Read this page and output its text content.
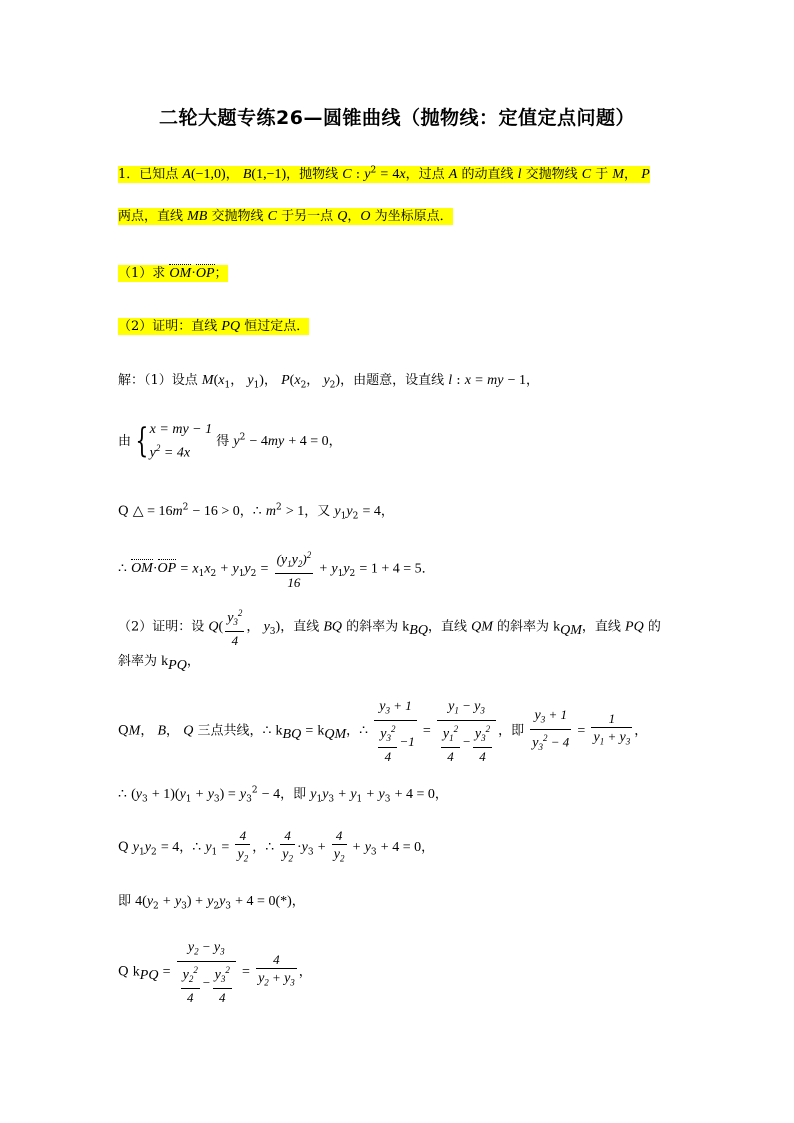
二轮大题专练26—圆锥曲线（抛物线：定值定点问题）
1．已知点 A(−1,0)， B(1,−1)，抛物线 C : $y^2 = 4x$，过点 A 的动直线 l 交抛物线 C 于 M， P
两点，直线 MB 交抛物线 C 于另一点 Q，O 为坐标原点．
（1）求 OM·OP；
（2）证明：直线 PQ 恒过定点．
解：（1）设点 $M(x_1$， $y_1$)， $P(x_2$， $y_2$)，由题意，设直线 l : x = my − 1，
由 { x = my − 1
$y^2 = 4x$
得 $y^2 - 4my + 4 = 0$，
Q △ = $16m^2 - 16 > 0$，∴ $m^2 > 1$，又 $y_1y_2 = 4$，
∴ $OM\cdot OP = x_1x_2 + y_1y_2 = \frac{(y_1y_2)^2}{16} + y_1y_2 = 1 + 4 = 5$．
（2）证明：设 $Q( \frac{y_3^2}{4}$ ， $y_3$)，直线 BQ 的斜率为 $k_{BQ}$，直线 QM 的斜率为 $k_{QM}$，直线 PQ 的
斜率为 $k_{PQ}$，
QM， B， Q 三点共线，∴ $k_{BQ} = k_{QM}$，∴ $\frac{y_3 + 1}{\frac{y_3^2}{4} -1} = \frac{y_1 - y_3}{\frac{y_1^2}{4} - \frac{y_3^2}{4}}$ ，即 $\frac{y_3 + 1}{y_3^2 - 4} = \frac{1}{y_1 + y_3}$ ，
∴ $(y_3 + 1)(y_1 + y_3) = y_3^2 - 4$，即 $y_1y_3 + y_1 + y_3 + 4 = 0$，
Q $y_1y_2 = 4$，∴ $y_1 = \frac{4}{y_2}$ ，∴ $\frac{4}{y_2} \cdot y_3 + \frac{4}{y_2} + y_3 + 4 = 0$，
即 $4(y_2 + y_3) + y_2y_3 + 4 = 0(*)$，
Q $k_{PQ} = \frac{y_2 - y_3}{\frac{y_2^2}{4} - \frac{y_3^2}{4}} = \frac{4}{y_2 + y_3}$ ，
